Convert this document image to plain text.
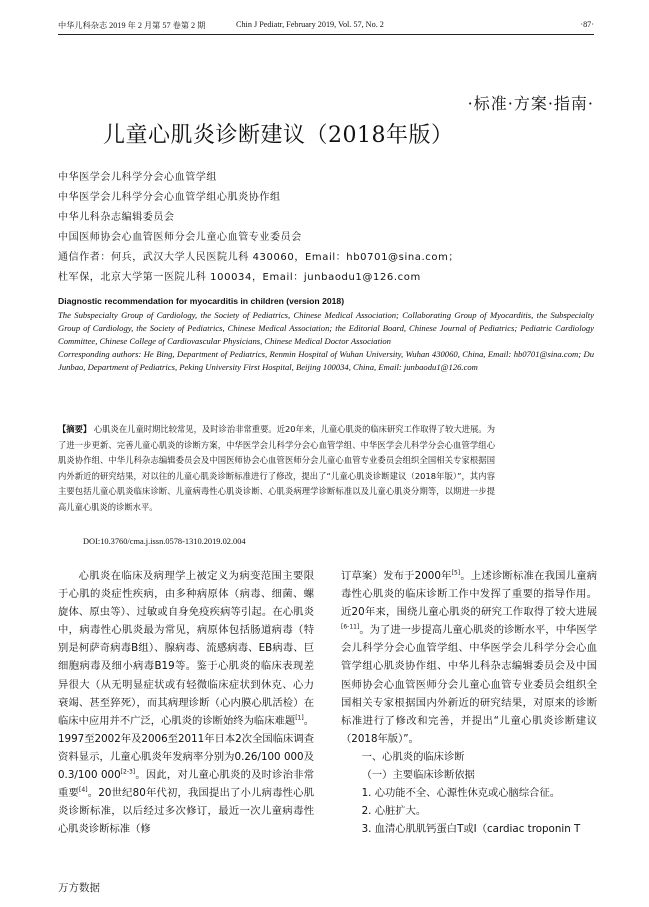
中华儿科杂志 2019 年 2 月第 57 卷第 2 期	Chin J Pediatr, February 2019, Vol. 57, No. 2	·87·
·标准·方案·指南·
儿童心肌炎诊断建议（2018年版）
中华医学会儿科学分会心血管学组
中华医学会儿科学分会心血管学组心肌炎协作组
中华儿科杂志编辑委员会
中国医师协会心血管医师分会儿童心血管专业委员会
通信作者：何兵，武汉大学人民医院儿科 430060，Email：hb0701@sina.com；
杜军保，北京大学第一医院儿科 100034，Email：junbaodu1@126.com
Diagnostic recommendation for myocarditis in children (version 2018)

The Subspecialty Group of Cardiology, the Society of Pediatrics, Chinese Medical Association; Collaborating Group of Myocarditis, the Subspecialty Group of Cardiology, the Society of Pediatrics, Chinese Medical Association; the Editorial Board, Chinese Journal of Pediatrics; Pediatric Cardiology Committee, Chinese College of Cardiovascular Physicians, Chinese Medical Doctor Association

Corresponding authors: He Bing, Department of Pediatrics, Renmin Hospital of Wuhan University, Wuhan 430060, China, Email: hb0701@sina.com; Du Junbao, Department of Pediatrics, Peking University First Hospital, Beijing 100034, China, Email: junbaodu1@126.com

【摘要】 心肌炎在儿童时期比较常见，及时诊治非常重要。近20年来，儿童心肌炎的临床研究工作取得了较大进展。为了进一步更新、完善儿童心肌炎的诊断方案，中华医学会儿科学分会心血管学组、中华医学会儿科学分会心血管学组心肌炎协作组、中华儿科杂志编辑委员会及中国医师协会心血管医师分会儿童心血管专业委员会组织全国相关专家根据国内外新近的研究结果，对以往的儿童心肌炎诊断标准进行了修改，提出了“儿童心肌炎诊断建议（2018年版）”，其内容主要包括儿童心肌炎临床诊断、儿童病毒性心肌炎诊断、心肌炎病理学诊断标准以及儿童心肌炎分期等，以期进一步提高儿童心肌炎的诊断水平。
DOI:10.3760/cma.j.issn.0578-1310.2019.02.004

心肌炎在临床及病理学上被定义为病变范围主要限于心肌的炎症性疾病，由多种病原体（病毒、细菌、螺旋体、原虫等）、过敏或自身免疫疾病等引起。在心肌炎中，病毒性心肌炎最为常见，病原体包括肠道病毒（特别是柯萨奇病毒B组）、腺病毒、流感病毒、EB病毒、巨细胞病毒及细小病毒B19等。鉴于心肌炎的临床表现差异很大（从无明显症状或有轻微临床症状到休克、心力衰竭、甚至猝死），而其病理诊断（心内膜心肌活检）在临床中应用并不广泛，心肌炎的诊断始终为临床难题[1]。1997至2002年及2006至2011年日本2次全国临床调查资料显示，儿童心肌炎年发病率分别为0.26/100 000及0.3/100 000[2-3]。因此，对儿童心肌炎的及时诊治非常重要[4]。20世纪80年代初，我国提出了小儿病毒性心肌炎诊断标准，以后经过多次修订，最近一次儿童病毒性心肌炎诊断标准（修

订草案）发布于2000年[5]。上述诊断标准在我国儿童病毒性心肌炎的临床诊断工作中发挥了重要的指导作用。近20年来，围绕儿童心肌炎的研究工作取得了较大进展[6-11]。为了进一步提高儿童心肌炎的诊断水平，中华医学会儿科学分会心血管学组、中华医学会儿科学分会心血管学组心肌炎协作组、中华儿科杂志编辑委员会及中国医师协会心血管医师分会儿童心血管专业委员会组织全国相关专家根据国内外新近的研究结果，对原来的诊断标准进行了修改和完善，并提出“儿童心肌炎诊断建议（2018年版）”。

一、心肌炎的临床诊断

（一）主要临床诊断依据

1. 心功能不全、心源性休克或心脑综合征。

2. 心脏扩大。

3. 血清心肌肌钙蛋白T或I（cardiac troponin T

万方数据
